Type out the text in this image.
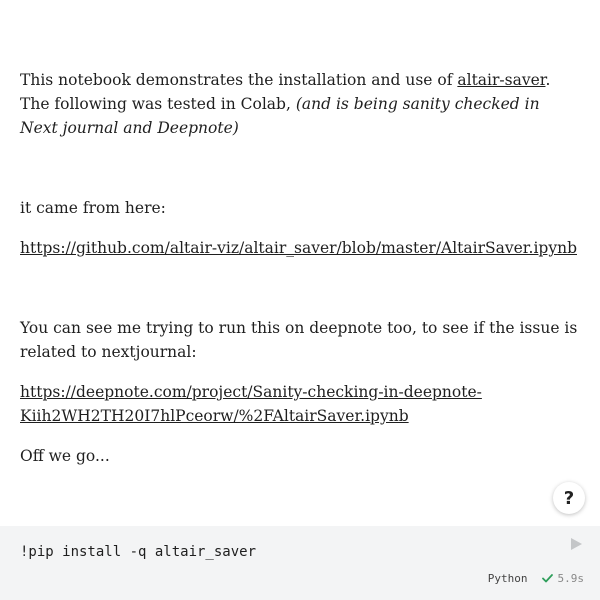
This notebook demonstrates the installation and use of altair-saver. The following was tested in Colab, (and is being sanity checked in Next journal and Deepnote)

it came from here:

https://github.com/altair-viz/altair_saver/blob/master/AltairSaver.ipynb

You can see me trying to run this on deepnote too, to see if the issue is related to nextjournal:

https://deepnote.com/project/Sanity-checking-in-deepnote-Kiih2WH2TH20I7hlPceorw/%2FAltairSaver.ipynb

Off we go...

?
!pip install -q altair_saver
Python	5.9s
